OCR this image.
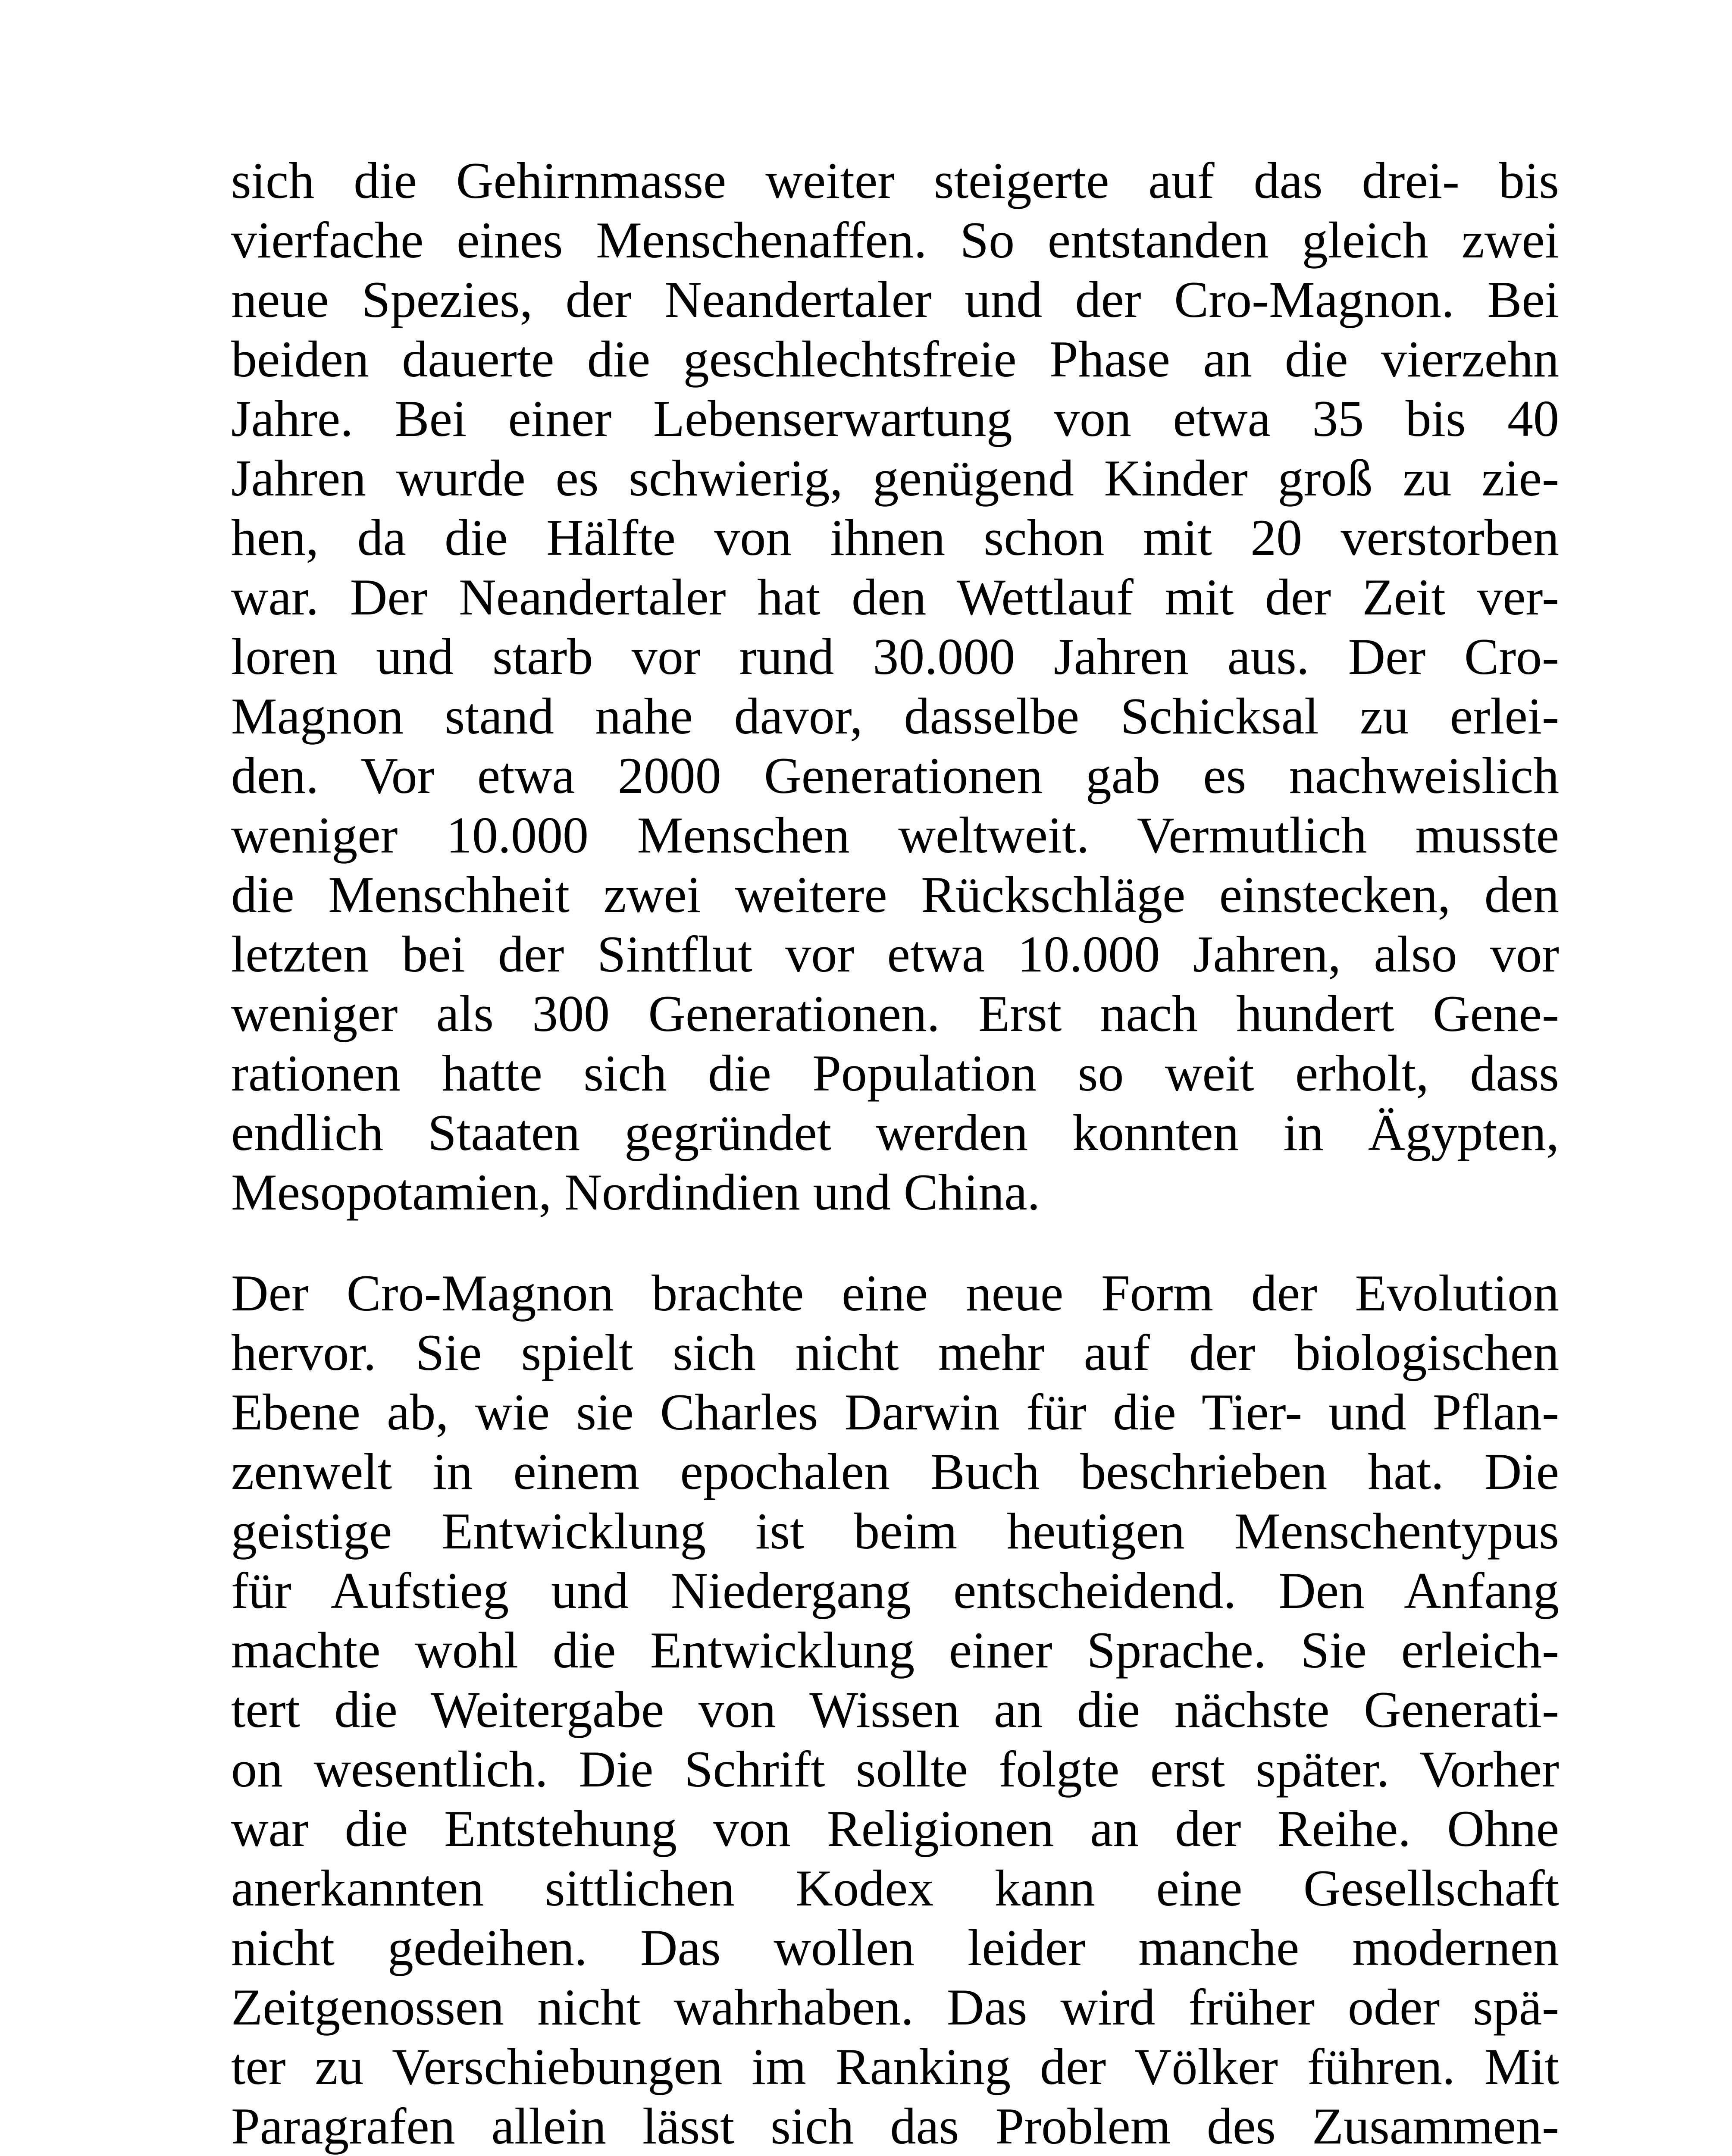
sich die Gehirnmasse weiter steigerte auf das drei- bis
vierfache eines Menschenaffen. So entstanden gleich zwei
neue Spezies, der Neandertaler und der Cro-Magnon. Bei
beiden dauerte die geschlechtsfreie Phase an die vierzehn
Jahre. Bei einer Lebenserwartung von etwa 35 bis 40
Jahren wurde es schwierig, genügend Kinder groß zu zie-
hen, da die Hälfte von ihnen schon mit 20 verstorben
war. Der Neandertaler hat den Wettlauf mit der Zeit ver-
loren und starb vor rund 30.000 Jahren aus. Der Cro-
Magnon stand nahe davor, dasselbe Schicksal zu erlei-
den. Vor etwa 2000 Generationen gab es nachweislich
weniger 10.000 Menschen weltweit. Vermutlich musste
die Menschheit zwei weitere Rückschläge einstecken, den
letzten bei der Sintflut vor etwa 10.000 Jahren, also vor
weniger als 300 Generationen. Erst nach hundert Gene-
rationen hatte sich die Population so weit erholt, dass
endlich Staaten gegründet werden konnten in Ägypten,
Mesopotamien, Nordindien und China.

Der Cro-Magnon brachte eine neue Form der Evolution
hervor. Sie spielt sich nicht mehr auf der biologischen
Ebene ab, wie sie Charles Darwin für die Tier- und Pflan-
zenwelt in einem epochalen Buch beschrieben hat. Die
geistige Entwicklung ist beim heutigen Menschentypus
für Aufstieg und Niedergang entscheidend. Den Anfang
machte wohl die Entwicklung einer Sprache. Sie erleich-
tert die Weitergabe von Wissen an die nächste Generati-
on wesentlich. Die Schrift sollte folgte erst später. Vorher
war die Entstehung von Religionen an der Reihe. Ohne
anerkannten sittlichen Kodex kann eine Gesellschaft
nicht gedeihen. Das wollen leider manche modernen
Zeitgenossen nicht wahrhaben. Das wird früher oder spä-
ter zu Verschiebungen im Ranking der Völker führen. Mit
Paragrafen allein lässt sich das Problem des Zusammen-
